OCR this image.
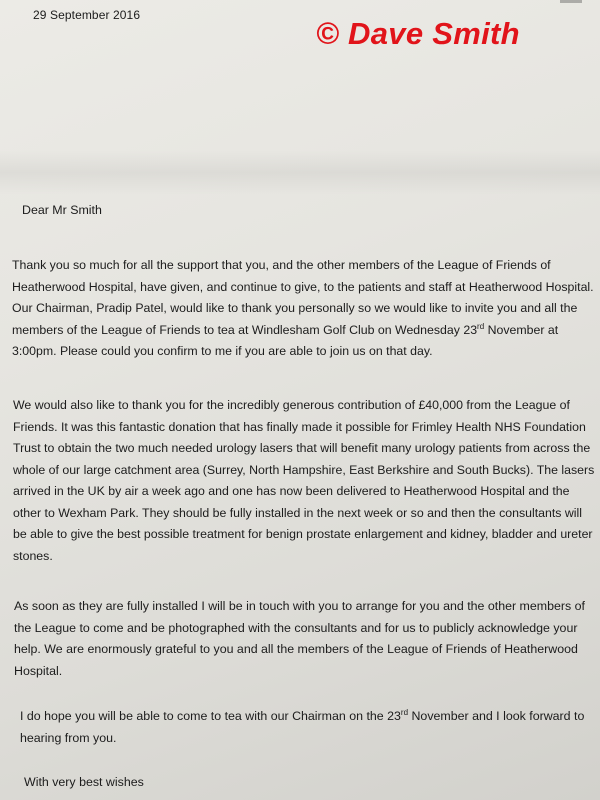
29 September 2016
© Dave Smith
Dear Mr Smith
Thank you so much for all the support that you, and the other members of the League of Friends of
Heatherwood Hospital, have given, and continue to give, to the patients and staff at Heatherwood Hospital.
Our Chairman, Pradip Patel, would like to thank you personally so we would like to invite you and all the
members of the League of Friends to tea at Windlesham Golf Club on Wednesday 23rd November at
3:00pm. Please could you confirm to me if you are able to join us on that day.
We would also like to thank you for the incredibly generous contribution of £40,000 from the League of
Friends. It was this fantastic donation that has finally made it possible for Frimley Health NHS Foundation
Trust to obtain the two much needed urology lasers that will benefit many urology patients from across the
whole of our large catchment area (Surrey, North Hampshire, East Berkshire and South Bucks). The lasers
arrived in the UK by air a week ago and one has now been delivered to Heatherwood Hospital and the
other to Wexham Park. They should be fully installed in the next week or so and then the consultants will
be able to give the best possible treatment for benign prostate enlargement and kidney, bladder and ureter
stones.
As soon as they are fully installed I will be in touch with you to arrange for you and the other members of
the League to come and be photographed with the consultants and for us to publicly acknowledge your
help. We are enormously grateful to you and all the members of the League of Friends of Heatherwood
Hospital.
I do hope you will be able to come to tea with our Chairman on the 23rd November and I look forward to
hearing from you.
With very best wishes
